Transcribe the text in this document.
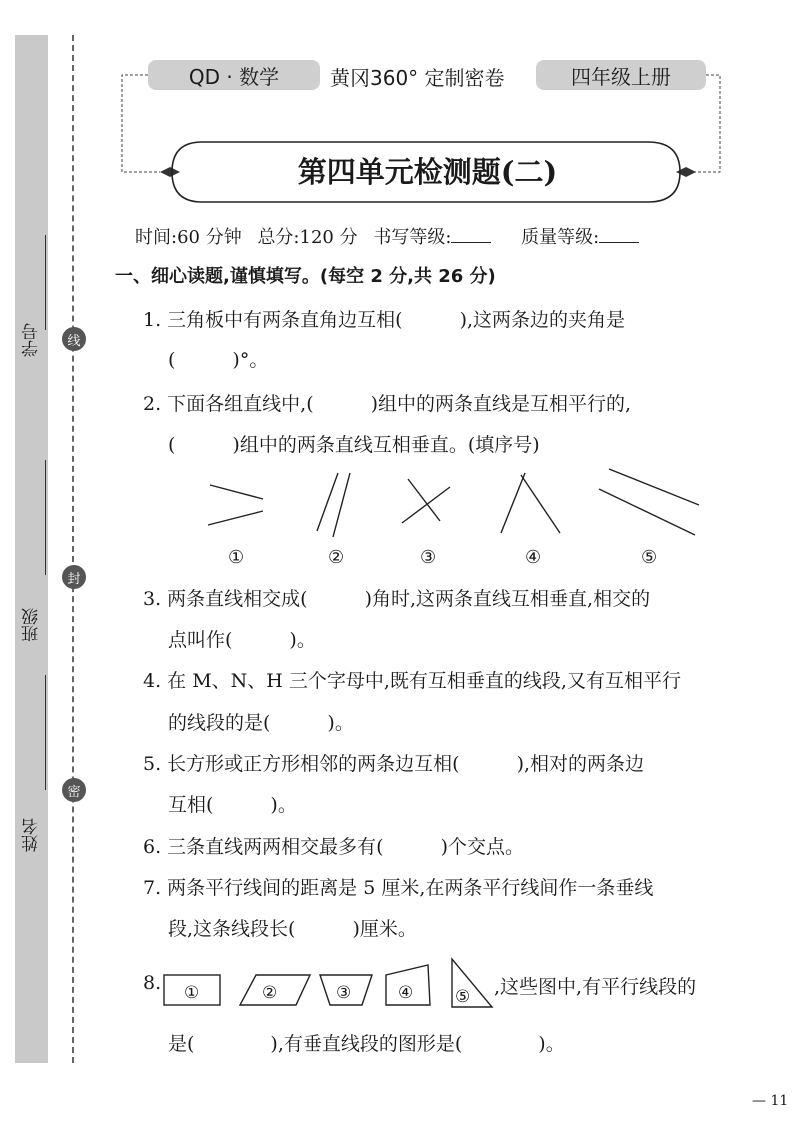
学号
班级
姓名
线
封
密
QD · 数学	黄冈360° 定制密卷	四年级上册
第四单元检测题(二)
时间:60 分钟 总分:120 分 书写等级:	质量等级:
一、细心读题,谨慎填写。(每空 2 分,共 26 分)
1. 三角板中有两条直角边互相(　　　),这两条边的夹角是
(　　　)°。
2. 下面各组直线中,(　　　)组中的两条直线是互相平行的,
(　　　)组中的两条直线互相垂直。(填序号)
①	②	③	④	⑤
3. 两条直线相交成(　　　)角时,这两条直线互相垂直,相交的
点叫作(　　　)。
4. 在 M、N、H 三个字母中,既有互相垂直的线段,又有互相平行
的线段的是(　　　)。
5. 长方形或正方形相邻的两条边互相(　　　),相对的两条边
互相(　　　)。
6. 三条直线两两相交最多有(　　　)个交点。
7. 两条平行线间的距离是 5 厘米,在两条平行线间作一条垂线
段,这条线段长(　　　)厘米。
8. ①	②	③	④ ⑤ ,这些图中,有平行线段的
是(　　　　),有垂直线段的图形是(　　　　)。
— 11
